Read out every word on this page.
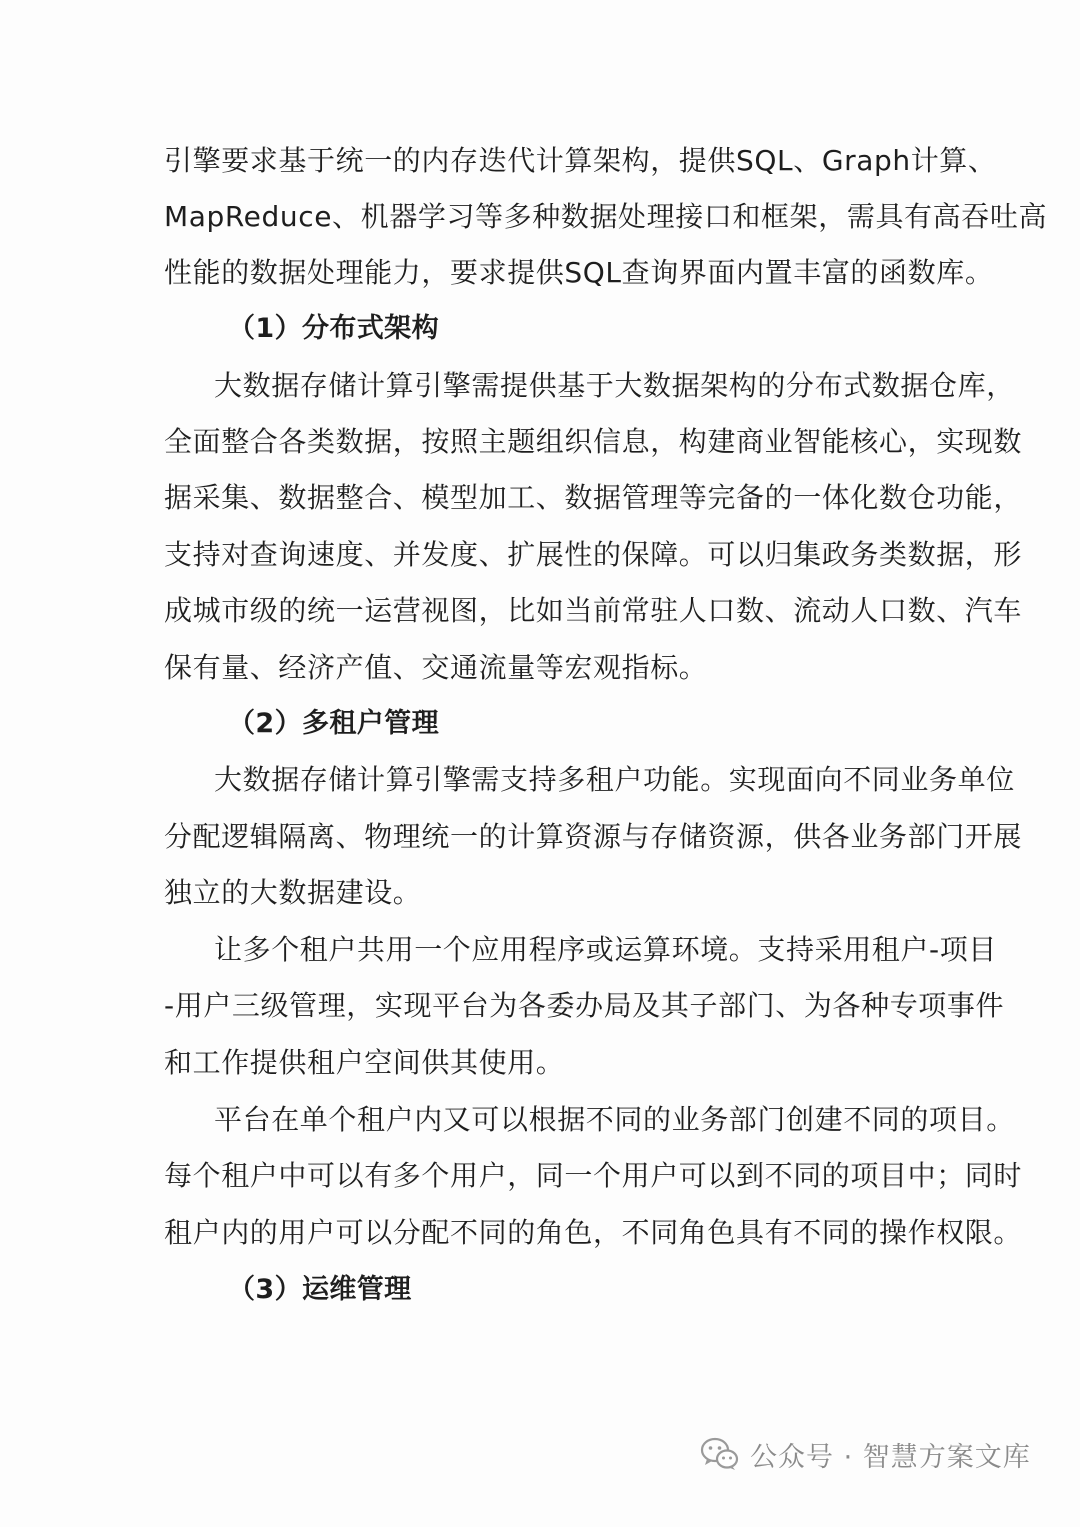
引擎要求基于统一的内存迭代计算架构，提供SQL、Graph计算、
MapReduce、机器学习等多种数据处理接口和框架，需具有高吞吐高
性能的数据处理能力，要求提供SQL查询界面内置丰富的函数库。
（1）分布式架构
大数据存储计算引擎需提供基于大数据架构的分布式数据仓库，
全面整合各类数据，按照主题组织信息，构建商业智能核心，实现数
据采集、数据整合、模型加工、数据管理等完备的一体化数仓功能，
支持对查询速度、并发度、扩展性的保障。可以归集政务类数据，形
成城市级的统一运营视图，比如当前常驻人口数、流动人口数、汽车
保有量、经济产值、交通流量等宏观指标。
（2）多租户管理
大数据存储计算引擎需支持多租户功能。实现面向不同业务单位
分配逻辑隔离、物理统一的计算资源与存储资源，供各业务部门开展
独立的大数据建设。
让多个租户共用一个应用程序或运算环境。支持采用租户-项目
-用户三级管理，实现平台为各委办局及其子部门、为各种专项事件
和工作提供租户空间供其使用。
平台在单个租户内又可以根据不同的业务部门创建不同的项目。
每个租户中可以有多个用户，同一个用户可以到不同的项目中；同时
租户内的用户可以分配不同的角色，不同角色具有不同的操作权限。
（3）运维管理
公众号 · 智慧方案文库
